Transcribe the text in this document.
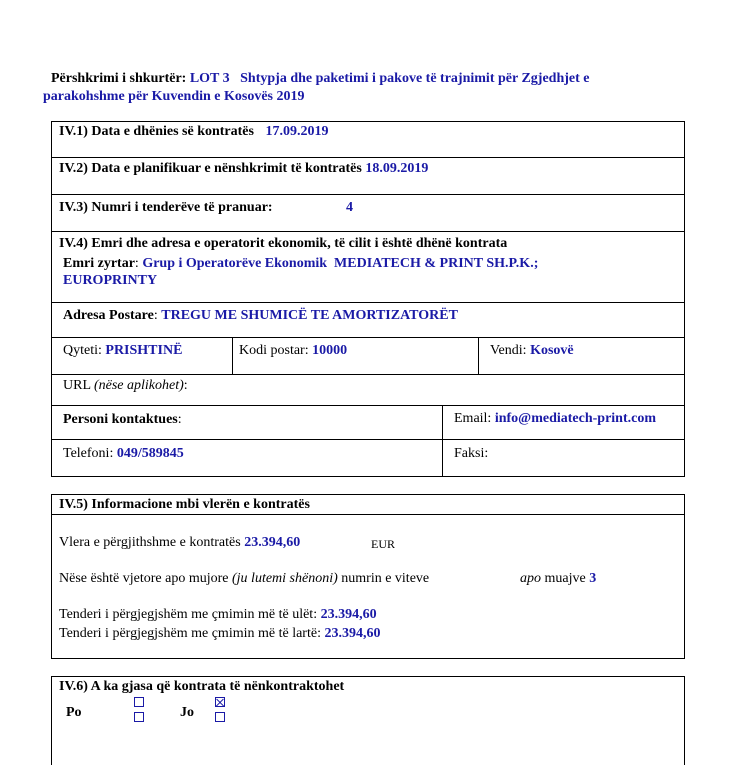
Përshkrimi i shkurtër: LOT 3   Shtypja dhe paketimi i pakove të trajnimit për Zgjedhjet e
parakohshme për Kuvendin e Kosovës 2019
IV.1) Data e dhënies së kontratës 17.09.2019
IV.2) Data e planifikuar e nënshkrimit të kontratës 18.09.2019
IV.3) Numri i tenderëve të pranuar:	4
IV.4) Emri dhe adresa e operatorit ekonomik, të cilit i është dhënë kontrata
Emri zyrtar: Grup i Operatorëve Ekonomik  MEDIATECH & PRINT SH.P.K.;
EUROPRINTY
Adresa Postare: TREGU ME SHUMICË TE AMORTIZATORËT
Qyteti: PRISHTINË	Kodi postar: 10000	Vendi: Kosovë
URL (nëse aplikohet):
Personi kontaktues:	Email: info@mediatech-print.com
Telefoni: 049/589845	Faksi:
IV.5) Informacione mbi vlerën e kontratës
Vlera e përgjithshme e kontratës 23.394,60	EUR
Nëse është vjetore apo mujore (ju lutemi shënoni) numrin e viteve	apo muajve 3
Tenderi i përgjegjshëm me çmimin më të ulët: 23.394,60
Tenderi i përgjegjshëm me çmimin më të lartë: 23.394,60
IV.6) A ka gjasa që kontrata të nënkontraktohet
Po	Jo
